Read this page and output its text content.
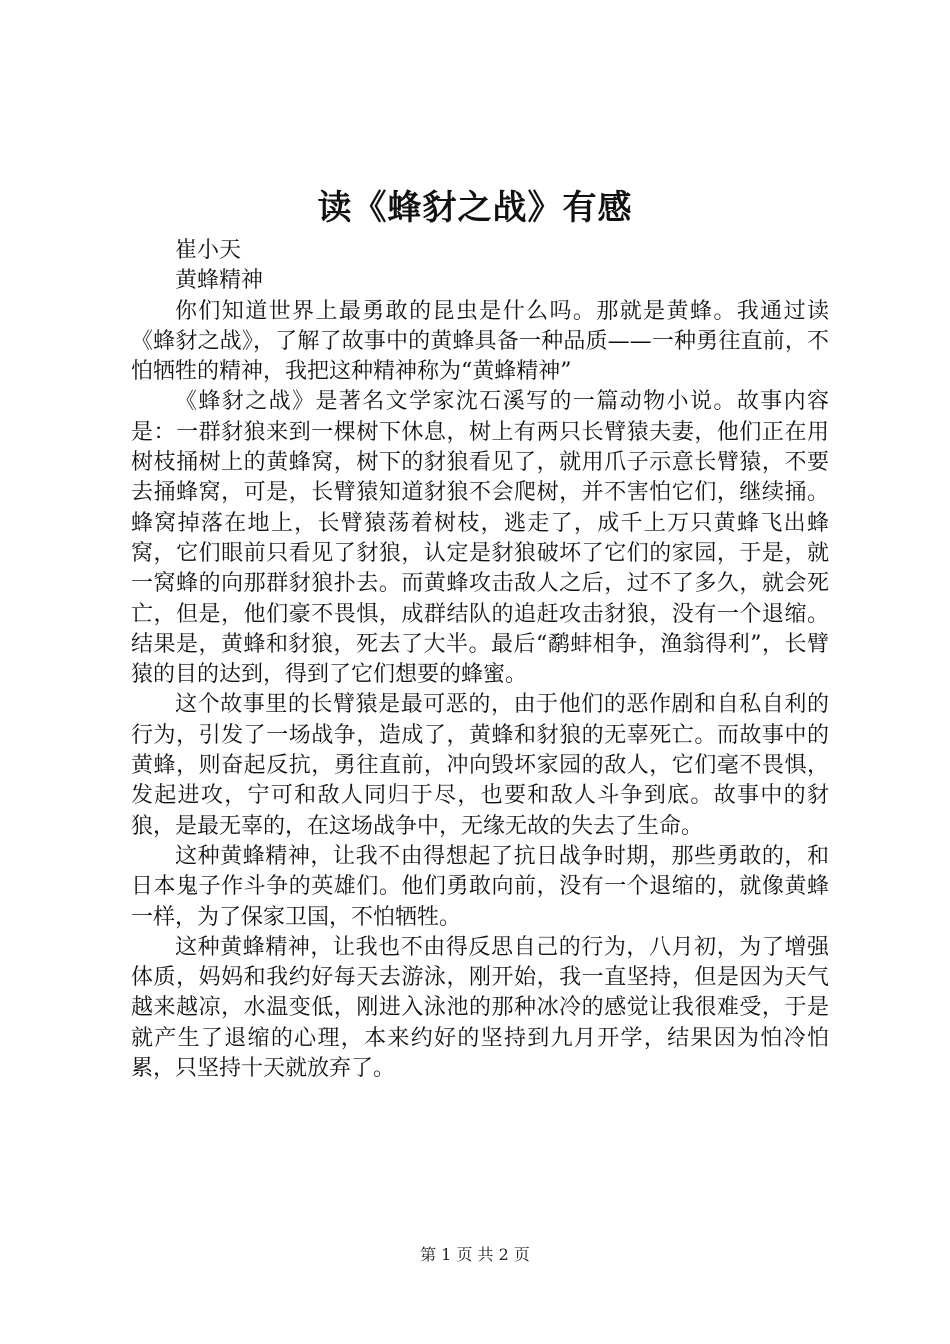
读《蜂豺之战》有感

崔小天

黄蜂精神

你们知道世界上最勇敢的昆虫是什么吗。那就是黄蜂。我通过读《蜂豺之战》，了解了故事中的黄蜂具备一种品质——一种勇往直前，不怕牺牲的精神，我把这种精神称为“黄蜂精神”

《蜂豺之战》是著名文学家沈石溪写的一篇动物小说。故事内容是：一群豺狼来到一棵树下休息，树上有两只长臂猿夫妻，他们正在用树枝捅树上的黄蜂窝，树下的豺狼看见了，就用爪子示意长臂猿，不要去捅蜂窝，可是，长臂猿知道豺狼不会爬树，并不害怕它们，继续捅。蜂窝掉落在地上，长臂猿荡着树枝，逃走了，成千上万只黄蜂飞出蜂窝，它们眼前只看见了豺狼，认定是豺狼破坏了它们的家园，于是，就一窝蜂的向那群豺狼扑去。而黄蜂攻击敌人之后，过不了多久，就会死亡，但是，他们豪不畏惧，成群结队的追赶攻击豺狼，没有一个退缩。结果是，黄蜂和豺狼，死去了大半。最后“鹬蚌相争，渔翁得利”，长臂猿的目的达到，得到了它们想要的蜂蜜。

这个故事里的长臂猿是最可恶的，由于他们的恶作剧和自私自利的行为，引发了一场战争，造成了，黄蜂和豺狼的无辜死亡。而故事中的黄蜂，则奋起反抗，勇往直前，冲向毁坏家园的敌人，它们毫不畏惧，发起进攻，宁可和敌人同归于尽，也要和敌人斗争到底。故事中的豺狼，是最无辜的，在这场战争中，无缘无故的失去了生命。

这种黄蜂精神，让我不由得想起了抗日战争时期，那些勇敢的，和日本鬼子作斗争的英雄们。他们勇敢向前，没有一个退缩的，就像黄蜂一样，为了保家卫国，不怕牺牲。

这种黄蜂精神，让我也不由得反思自己的行为，八月初，为了增强体质，妈妈和我约好每天去游泳，刚开始，我一直坚持，但是因为天气越来越凉，水温变低，刚进入泳池的那种冰冷的感觉让我很难受，于是就产生了退缩的心理，本来约好的坚持到九月开学，结果因为怕冷怕累，只坚持十天就放弃了。

第 1 页 共 2 页
